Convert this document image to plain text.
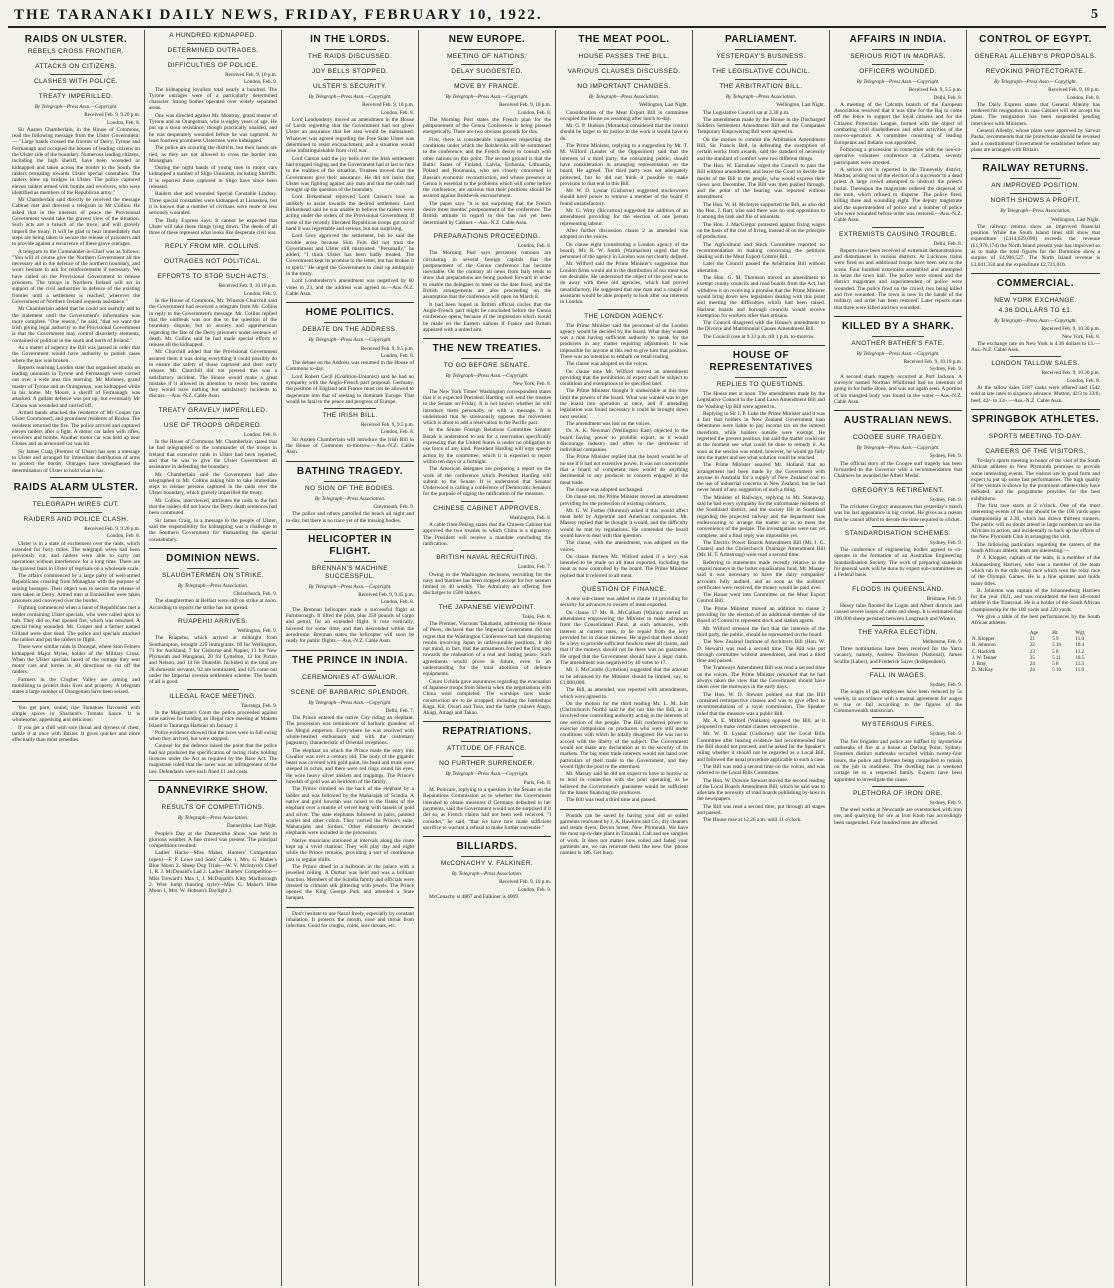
THE TARANAKI DAILY NEWS, FRIDAY, FEBRUARY 10, 1922.	5
RAIDS ON ULSTER.
REBELS CROSS FRONTIER.
ATTACKS ON CITIZENS.
CLASHES WITH POLICE.
TREATY IMPERILLED.
By Telegraph—Press Assn.—Copyright.
Received Feb. 9, 9.20 p.m.
London, Feb. 8.

Sir Austen Chamberlain, in the House of Commons, read the following message from the Ulster Government:— "Large bands crossed the frontier of Derry, Tyrone and Fermanagh and occupied the houses of leading citizens on the Ulster side of the boundary. Numerous leading citizens, including the high sheriff, have been wounded or kidnapped and taken across the border to the South, the raiders retreating towards Ulster special constables. The raiders blew up bridges in Ulster. The police captured eleven raiders armed with bombs and revolvers, who were identified as members of the Republican army."

Mr Chamberlain said directly he received the message Cabinet met and directed a telegram to Mr Collins. He asked that in the interests of peace the Provisional Government would take the gravest view of the situation. Such acts are a breach of the truce, and will gravely imperil the treaty. It will be glad to hear immediately that steps are being taken to secure the release of prisoners and to provide against a recurrence of these grave outrages.

A telegram to the Commander-in-Chief was as follows: "You will of course give the Northern Government all the necessary aid in the defence of the northern boundary, and won't hesitate to ask for reinforcements if necessary. We have called on the Provisional Government to release prisoners. The troops in Northern Ireland will act in support of the civil authorities in defence of the existing frontier until a settlement is reached, wherever the Government of Northern Ireland requests assistance."

Mr Chamberlain added that he could not usefully add to the statement until the Government's information was more complete. "One reason," he said, "that we want the Irish giving legal authority to the Provisional Government is that the Government may control disorderly elements, contained or political in the south and north of Ireland."

As a matter of urgency the Bill was passed in order that the Government would have authority to punish cases where the law was broken.

Reports reaching London state that organised attacks on leading unionists in Tyrone and Fermanagh were carried out over a wide area this morning. Mr Moloney, grand master of Tyrone and an Orangeman, was kidnapped while in his home. Mr Moore, a sheriff of Fermanagh, was attacked. A gallant defence was put up, but eventually Mr Carson was wounded and carried off.

Armed bands attacked the residence of Mr Cooper (an Ulster Commoner), and prominent residents of Roslea. The residents returned the fire. The police arrived and captured eleven raiders after a fight. A motor car laden with rifles, revolvers and bombs. Another motor car was held up near Clones and an armoured car was hit.

Sir James Craig (Premier of Ulster) has sent a message to Ulster and arranged for immediate distribution of arms to protect the border. Outrages have strengthened the determination of Ulster to hold what it has.

RAIDS ALARM ULSTER.
TELEGRAPH WIRES CUT.
RAIDERS AND POLICE CLASH.
Received Feb. 9, 9.20 p.m.
London, Feb. 8.

Ulster is in a state of excitement over the raids, which extended for forty miles. The telegraph wires had been previously cut, and raiders were able to carry out operations without interference for a long time. There are the gravest fears in Ulster of reprisals on a wholesale scale.

The affairs commenced by a large party of well-armed Republicans crossing from Monaghan with the purpose of seizing hostages. Their object was to secure the release of men taken in Derry. Armed men at Enniskillen were taken prisoners and conveyed over the border.

Fighting commenced when a band of Republicans met a tender containing Ulster specials, who were called upon to halt. They did so, but opened fire, which was returned. A special being wounded. Mr. Cooper and a farmer named Gilland were shot dead. The police and specials attacked the raiders and put the raiders to flight.

There were similar raids in Donegal, where Sinn Feiners kidnapped Major Myles, holder of the Military Cross. When the Ulster specials heard of the outrage they sent motor cars and lorries in all directions to cut off the raiders.

Farmers in the Clogher Valley are arming and mobilising to protect their lives and property. A telegram states a large number of Orangemen have been seized.

You get pure, sound, ripe Tomatoes flavoured with simple spices in Sharland's Tomato Sauce. It is wholesome, appetising and delicious.

If you get a chill with sore throat and dryness of chest, tackle it at once with Baxter. It gives quicker and more effectually than most remedies.

A HUNDRED KIDNAPPED.
DETERMINED OUTRAGES.
DIFFICULTIES OF POLICE.
Received Feb. 9, 10 p.m.
London, Feb. 9.

The kidnapping loyalists total nearly a hundred. The Tyrone outrages were of a particularly determined character. Strong bodies operated over widely separated areas.

One was directed against Mr. Montray, grand master of Tyrone and an Orangeman, who is eighty years of age. He put up a stout resistance, though practically unaided, and he was desperately wounded before he was captured. At least fourteen prominent Ulstermen were kidnapped.

The police are scouring the districts, but their hands are tied, as they are not allowed to cross the border into Monaghan.

During the night bands of young men in motor cars kidnapped a number of Sligo Unionists, including Sheriffs. It is reported those captured in Sligo have since been released.

Raiders shot and wounded Special Constable Lindsay. Three special constables were kidnapped at Lisnaskea, but it is known that a number of civilians were more or less seriously wounded.

The Daily Express says: It cannot be expected that Ulster will take these things lying down. The deeds of all three of these represent what looks like desperate civil war.

REPLY FROM MR. COLLINS.
OUTRAGES NOT POLITICAL.
EFFORTS TO STOP SUCH ACTS.
Received Feb. 9, 10.10 p.m.
London, Feb. 9.

In the House of Commons, Mr. Winston Churchill said the Government had received a telegram from Mr. Collins in reply to the Government's message. Mr. Collins replied that the outbreak was not due to the question of the boundary dispute, but to anxiety and apprehension regarding the fate of the Derry prisoners under sentence of death. Mr. Collins said he had made special efforts to release all the kidnapped.

Mr. Churchill added that the Provisional Government assured them it was doing everything it could possibly do to ensure the safety of those captured and their early release. Mr. Churchill did not pretend this was a satisfactory incident. The House would make a great mistake if it allowed its attention to recent few months they would have nothing but satisfactory incidents to discuss.—Aus.-N.Z. Cable Assn.

TREATY GRAVELY IMPERILLED.
USE OF TROOPS ORDERED.
London, Feb. 8.

In the House of Commons Mr. Chamberlain stated that he had telegraphed to the commander of the troops in Ireland that extensive raids in Ulster had been reported, and that he was to give the Ulster Government all assistance in defending the boundary.

Mr. Chamberlain said the Government had also telegraphed to Mr. Collins asking him to take immediate steps to release persons captured in the raids over the Ulster boundary, which gravely imperilled the treaty.

Mr. Collins, interviewed, attributes the raids to the fact that the raiders did not know the Derry death sentences had been commuted.

Sir James Craig, in a message to the people of Ulster, said the responsibility for kidnapping was a challenge to the Southern Government for dismantling the special constabulary.

DOMINION NEWS.
SLAUGHTERMEN ON STRIKE.
By Telegraph—Press Association.
Christchurch, Feb. 9.

The slaughtermen at Belfast were still on strike at noon. According to reports the strike has not spread.

RUAPEHU ARRIVES.
Wellington, Feb. 9.

The Ruapehu, which arrived at midnight from Southampton, brought 225 immigrants: 69 for Wellington, 71 for Auckland, 7 for Gisborne and Napier, 11 for New Plymouth and Wanganui, 20 for Lyttelton, 13 for Picton and Nelson, and 14 for Dunedin. Included in the total are 28 domestic servants, 92 are nominated, and 125 come out under the Imperial oversea settlement scheme. The health of all is good.

ILLEGAL RACE MEETING.
Tauranga, Feb. 9.

In the Magistrate's Court the police proceeded against nine natives for holding an illegal race meeting at Maketu Island to Tauranga Harbour on January 3.

Police evidence showed that the races were in full swing when they arrived, but were stopped.

Counsel for the defence raised the point that the police had not produced the specification of racing clubs holding licences under the Act as required by the Race Act. The magistrate ruled that the races was an infringement of the law. Defendants were each fined £1 and costs.

DANNEVIRKE SHOW.
RESULTS OF COMPETITIONS.
By Telegraph—Press Association.
Dannevirke, Last Night.

People's Day at the Dannevirke Show was held in glorious weather. A fine crowd was present. The principal competitions resulted:

Ladies' Hacks—Miss Maher. Hunters' Competition (open)—F. P. Lowe and Sons' Cable 1, Mrs. G. Maher's Blue Moon 2. Sheep Dog Trials—W. V. McIntyre's Chief 1, R. J. McDonald's Lad 2. Ladies' Hunters' Competition—Miss Treward's Max 1, J. McDonald's Kitty Marlborough 2. Wire Jump (hunting style)—Miss G. Maher's Blue Moon 1, Mrs. W. Hobson's Daylight 2.

IN THE LORDS.
THE RAIDS DISCUSSED.
JOY BELLS STOPPED.
ULSTER'S SECURITY.
By Telegraph—Press Assn.—Copyright.
Received Feb. 9, 10 p.m.
London, Feb. 8.

Lord Londonderry moved an amendment in the House of Lords regretting that the Government had not given Ulster an assurance that her area would be maintained. Whatever was agreed regarding the Free State Ulster was determined to resist encroachment, and a situation would arise indistinguishable from civil war.

Lord Carson said the joy bells over the Irish settlement had stopped ringing and the Government had at last to face to the realities of the situation. Trustees moved that the Government give their assurance. He did not insist that Ulster was fighting against any man and that the raids had brought up the question of the boundary.

Lord Birkenhead reproved Lord Carson's tone as unlikely to assist towards the desired settlement. Lord Birkenhead said he was unable to believe the raiders were acting under the orders of the Provisional Government. If some of the recently liberated Republican troops got out of hand it was regrettable and serious, but not surprising.

Lord Grey approved the settlement, but he said the trouble arose because Sinn Fein did not trust the Government and Ulster still mistrusted. "Personally," he added, "I think Ulster has been badly treated. The Government kept its promise to the letter, but has broken it in spirit." He urged the Government to clear up ambiguity in the treaty.

Lord Londonderry's amendment was negatived by 60 votes to 23, and the address was agreed to.—Aus.-N.Z. Cable Assn.

HOME POLITICS.
DEBATE ON THE ADDRESS.
By Telegraph—Press Assn.—Copyright.
Received Feb. 9, 9.5 p.m.
London, Feb. 8.

The debate on the Address was resumed in the House of Commons to-day.

Lord Robert Cecil (Coalition-Unionist) said he had no sympathy with the Anglo-French pact proposal. Germany, the position of England and France must not be allowed to degenerate into that of seeking to dominate Europe. That would be fatal to the peace and progress of Europe.

THE IRISH BILL.
Received Feb. 9, 9.5 p.m.
London, Feb. 8.

Sir Austen Chamberlain will introduce the Irish Bill in the House of Commons to-morrow.—Aus.-N.Z. Cable Assn.

BATHING TRAGEDY.
NO SIGN OF THE BODIES.
By Telegraph—Press Association.
Greymouth, Feb. 9.

The police and others patrolled the beach all night and to-day, but there is no trace yet of the missing bodies.

HELICOPTER IN FLIGHT.
BRENNAN'S MACHINE SUCCESSFUL.
By Telegraph—Press Assn.—Copyright.
Received Feb. 9, 9.45 p.m.
London, Feb. 8.

The Brennan helicopter made a successful flight at Farnborough. It lifted the pilot, plus 250 pounds of cargo and petrol, for an extended flight. It rose vertically, hovered for some time, and then descended within the aerodrome. Brennan states the helicopter will soon be ready for public flights.—Aus.-N.Z. Cable Assn.

THE PRINCE IN INDIA.
CEREMONIES AT GWALIOR.
SCENE OF BARBARIC SPLENDOR.
By Telegraph—Press Assn.—Copyright.
Delhi, Feb. 7.

The Prince entered the native City riding an elephant. The procession was reminiscent of barbaric grandeur of the Mogul emperors. Everywhere he was received with whole-hearted enthusiasm and with the customary pageantry, characteristic of Oriental receptions.

The elephant on which the Prince made the entry into Gwalior was over a century old. The body of the gigantic beast was covered with gold paint, his head and trunk were steeped in ochre, and there were red rings round his eyes. He wore heavy silver anklets and trappings. The Prince's howdah of gold was an heirloom of the family.

The Prince climbed on the back of the elephant by a ladder and was followed by the Maharajah of Scindia. A native and gold howdah was raised to the flanks of the elephant over a mantle of velvet hung with tassels of gold and silver. The state elephants followed in pairs, painted scarlet and other colors. They carried the Prince's suite, Maharajahs and Sirdars. Other elaborately decorated elephants were included in the procession.

Native musicians stationed at intervals along the route kept up a vivid clamour. They will play day and night while the Prince remains, providing a sort of continuous jazz in regular shifts.

The Prince dined in a ballroom in the palace with a jewelled ceiling. A Durbar was held and was a brilliant function. Members of the Scindia family and officials were dressed in crimson silk glittering with jewels. The Prince opened the King George Park and attended a State banquet.

Don't hesitate to use Nazol freely, especially by constant inhalation. It protects the mouth, nose and throat from infection. Good for coughs, colds, sore throats, etc.

NEW EUROPE.
MEETING OF NATIONS.
DELAY SUGGESTED.
MOVE BY FRANCE.
By Telegraph—Press Assn.—Copyright.
Received Feb. 9, 10 p.m.
London, Feb. 8.

The Morning Post states the French plan for the postponement of the Genoa Conference is being pressed energetically. There are two obvious grounds for this.

First, there is considerable vagueness respecting the conditions under which the Bolsheviks will be summoned to the conference, and the French desire to consult with other nations on this point. The second ground is that the Baltic States of Finland, Latvia, Esthonia, Lithuania, Poland and Roumania, who are closely concerned in Russia's economic reconstruction, and whose presence at Genoa is essential to the problems which will come before the conference, are anxious that their positions should be assured against Bolshevik encroachment.

The paper says "it is not surprising that the French desire three months' postponement of the conference. The British attitude in regard to this has not yet been determined by Cabinet.—Aus.-N.Z. Cable Assn.

PREPARATIONS PROCEEDING.
London, Feb. 8.

The Morning Post says persistent rumours are circulating in several foreign capitals that the postponement of the Genoa conference has become inevitable. On the contrary all news from Italy tends to show that preparations are being pushed forward in order to enable the delegates to meet on the date fixed, and the British arrangements are also proceeding on the assumption that the conference will open on March 8.

It had been hoped in British official circles that the Anglo-French pact might be concluded before the Genoa conference opens, because of the impression which would be made on the Eastern nations if France and Britain appeared with a united aim.

THE NEW TREATIES.
TO GO BEFORE SENATE.
By Telegraph—Press Assn.—Copyright.
New York, Feb. 8.

The New York Times' Washington correspondent states that it is expected President Harding will send the treaties to the Senate on Friday. It is not known whether he will introduce them personally or with a message. It is understood that he strenuously opposes the movement which is afoot to add a reservation to the Pacific pact.

In the Senate Foreign Relations Committee Senator Borah is understood to ask for a reservation specifically expressing that the United States is under no obligation to use force of any kind. President Harding will urge speedy action by the committee, which it is expected to report within ten days or a fortnight.

The American delegates are preparing a report on the work of the conference which President Harding will submit to the Senate. It is understood that Senator Underwood is calling a conference of Democratic Senators for the purpose of urging the ratification of the measure.

CHINESE CABINET APPROVES.
Washington, Feb. 8.

A cable from Peking states that the Chinese Cabinet has approved the two treaties to which China is a signatory. The President will receive a mandate concluding the ratification.

BRITISH NAVAL RECRUITING.
London, Feb. 7.

Owing to the Washington decisions, recruiting for the navy and marines has been stopped except for boy seamen limited to 40 weekly. The Admiralty are offering free discharges to 1500 stokers.

THE JAPANESE VIEWPOINT.
Tokio, Feb. 8.

The Premier, Viscount Takahashi, addressing the House of Peers, declared that the Imperial Government did not regret that the Washington Conference had had disquieting results involving Japan in unfavourable positions. It did not mind, in fact, that the armaments formed the first step towards the realisation of a real and lasting peace. Such agreements would prove in future, even to an understanding for the total abolition of defence equipments.

Count Uchida gave assurances regarding the evacuation of Japanese troops from Siberia when the negotiations with China were completed. The warships now under construction are to be scrapped, including the battleships Kaga, Kii, Owari and Tosa, and the battle cruisers Atago, Akagi, Amagi and Takao.

REPATRIATIONS.
ATTITUDE OF FRANCE.
NO FURTHER SURRENDER.
By Telegraph—Press Assn.—Copyright.
Paris, Feb. 8.

M. Poincare, replying to a question in the Senate on the Reparations Commission as to whether the Government intended to obtain measures if Germany defaulted in her payments, said the Government would not be surprised if it did so, as French claims had not been well received. "I consider," he said, "that we have now made sufficient sacrifice to warrant a refusal to make further surrender."

BILLIARDS.
McCONACHY V. FALKINER.
By Telegraph—Press Association.
Received Feb. 9, 10 p.m.
London, Feb. 9.

McConachy is 4867 and Falkiner is 4009.

THE MEAT POOL.
HOUSE PASSES THE BILL.
VARIOUS CLAUSES DISCUSSED.
NO IMPORTANT CHANGES.
By Telegraph—Press Association.
Wellington, Last Night.

Consideration of the Meat Export Bill in committee occupied the House on resuming after lunch to-day.

Mr. G. P. Hudson (Motueka) considered that the control should be larger to do justice to the work it would have to do.

The Prime Minister, replying to a suggestion by Mr. T. M. Wilford (Leader of the Opposition) said that the interests of a third party, the consuming public, should have consideration in arranging representation on the board. He agreed. The third party was not adequately protected, but he did not think it possible to make provision to that end in this Bill.

Mr. W. D. Lysnar (Gisborne) suggested stockowners should have power to remove a member of the board if found unsatisfactory.

Mr. G. Witty (Riccarton) suggested the addition of an amendment providing for the election of one person representing labour.

After further discussion clause 2 as amended was adopted on the voices.

On clause eight (constituting a London agency of the board), Mr. R. W. Smith (Waimarino) urged that the personnel of the agency in London was not clearly defined.

Mr. Wilford said the Prime Minister's suggestion that London firms would aid in the distribution of our meat was not desirable. He understood the object of the pool was to do away with these old agencies, which had proved unsatisfactory. He suggested that one man and a couple of assistants would be able properly to look after our interests in London.

THE LONDON AGENCY.

The Prime Minister said the personnel of the London agency would be decided by the board. What they wanted was a man having sufficient authority to speak for the producers in any matter requiring adjustment. It was impossible for anyone at this end to give him that position. There was no intention to embark on retail trading.

The clause was adopted on the voices.

On clause nine Mr. Wilford moved an amendment providing that the prohibition of export shall be subject to conditions and exemptions to be specified later.

The Prime Minister thought it undesirable at this time limit the powers of the board. What was wanted was to get the board into operation at once, and if amending legislation was found necessary it could be brought down next session.

The amendment was lost on the voices.

Dr. A. K. Newman (Wellington East) objected to the board having power to prohibit export, as it would discourage industry and often to the detriment of individual companies.

The Prime Minister replied that the board would be of no use if it had not extensive power. It was not conceivable that a board of competent men would do anything detrimental to any producer or concern engaged in the meat trade.

The clause was adopted unchanged.

On clause ten, the Prime Minister moved an amendment providing for the protection of existing contracts.

Mr. G. W. Forbes (Hurunui) asked if this would affect meat held by Argentine and American companies. Mr. Massey replied that he thought it would, and the difficulty would be met by regulations. He contended the board would have to deal with that question.

The clause, with the amendment, was adopted on the voices.

On clause thirteen Mr. Wilford asked if a levy was intended to be made on all meat exported, including the meat as now controlled by the board. The Prime Minister replied that it referred to all meat.

QUESTION OF FINANCE.

A new sub-clause was added to clause 14 providing for security for advances to owners of meat exported.

On clause 17 Mr. R. McCallum (Wairau) moved an amendment empowering the Minister to make advances from the Consolidated Fund, at such advances, with interest at current rates, to be repaid from the levy provided for in clause thirteen. He urged that there should be a levy to provide sufficient funds to meet all claims, and that if the moneys should not be there was no guarantee. He urged that the Government should have a legal claim. The amendment was negatived by 40 votes to 17.

Mr. J. McCombs (Lyttelton) suggested that the amount to be advanced by the Minister should be limited, say, to £1,000,000.

The Bill, as amended, was reported with amendments, which were agreed to.

On the motion for the third reading Mr. L. M. Isitt (Christchurch North) said he did not like the Bill, as it involved one controlling authority acting in the interests of one section of the people. The Bill conferred power to exercise compulsion on producers who were still under conditions with which he totally disagreed. He was not in accord with the liberty of the subject. The Government would not make any declaration as to the security of its markets. The big meat trade interests would not hand over particulars of their trade to the Government, and they would fight the pool to the uttermost.

Mr. Massey said he did not expect to have to borrow or to lend in connection with the pool operating, as he believed the Government's guarantee would be sufficient for the banks financing the producers.

The Bill was read a third time and passed.

Pounds can be saved by having your old or soiled garments renovated by J. A. Hawkins and Co., dry cleaners and steam dyers, Devon Street, New Plymouth. We have the most up-to-date plant in Taranaki. Call and see samples of work. It does not matter how soiled and faded your garments are, we can renovate them like new. Our 'phone number is 186. Get busy.

PARLIAMENT.
YESTERDAY'S BUSINESS.
THE LEGISLATIVE COUNCIL.
THE ARBITRATION BILL.
By Telegraph—Press Association.
Wellington, Last Night.

The Legislative Council sat at 2.30 p.m.

The amendments made by the House in the Discharged Soldiers Settlement Amendment Bill and the Companies Temporary Empowering Bill were agreed to.

On the motion to commit the Arbitration Amendment Bill, Sir Francis Bell, in defending the exemption of certain works from awards, said the standard of necessity and the standard of comfort were two different things.

The Hon. W. Earnshaw urged the Council to pass the Bill without amendment, and leave the Court to decide the merits of the Bill to the people, who would express their views next December. The Bill was then pushed through, and the point of the hearing was reported without amendment.

The Hon. W. H. McIntyre supported the Bill, as also did the Hon. J. Barr, who said there was no real opposition to it among the rank and file of unionists.

The Hon. J. MacGregor protested against fixing wages on the basis of the cost of living, instead of on the principle of production.

The Agricultural and Stock Committee reported no recommendation in making concerning the petitions dealing with the Meat Export Control Bill.

Later the Council passed the Arbitration Bill without alteration.

The Hon. G. M. Thomson moved an amendment to exempt county councils and road boards from the Act, but withdrew it on receiving a promise that the Prime Minister would bring down new legislation dealing with this point and meeting the difficulties which had been raised. Harbour boards and borough councils would receive exemption for workers other than artisans.

The Council disagreed with the House's amendment to the Divorce and Matrimonial Causes Amendment Bill.

The Council rose at 9.33 p.m. till 1 p.m. to-morrow.

HOUSE OF REPRESENTATIVES
REPLIES TO QUESTIONS.

The House met at noon. The amendments made by the Legislative Council in the Land Laws Amendment Bill and the Washing-Up Bill were agreed to.

Replying to Sir J. P. Luke the Prime Minister said it was a fact that holders in New Zealand Government loan debentures were liable to pay income tax on the interest therefrom, while holders outside were exempt. He regretted the present position, but said the matter could not at the moment see what could be done to remedy it. As soon as the session was ended, however, he would go fully into the matter and see what solution could be reached.

The Prime Minister assured Mr. Holland that no arrangement had been made by the Government with anyone in Australia for a supply of New Zealand coal to the use of industrial concerns in New Zealand, but he had never heard of any suggestion of such a thing.

The Minister of Railways, replying to Mr. Stanaway, said he had every sympathy for the unfortunate residents of the Southland district, and the society felt in Southland regarding the projected railway and the department was endeavouring to arrange the matter so as to meet the convenience of the people. The investigations were not yet complete, and a final reply was impossible yet.

The Electric Power Boards Amendment Bill (Mr. J. G. Coates) and the Christchurch Drainage Amendment Bill (Mr. H. T. Armstrong) were read a second time.

Referring to statements made recently relative to the unpaid moneys in the butter equalisation fund, Mr. Massey said it was necessary to have the dairy companies' accounts fully audited, and as soon as the auditors' certificates were received, the money would be paid over.

The House went into Committee on the Meat Export Control Bill.

The Prime Minister moved an addition to clause 2 providing for the election of an additional member of the Board of Control to represent stock and station agents.

Mr. Wilford stressed the fact that the interests of the third party, the public, should be represented on the board.

The New Zealand Institute of Architects Bill (Hon. W. D. Stewart) was read a second time. The Bill was put through committee without amendment, and read a third time and passed.

The Tramways Amendment Bill was read a second time on the voices. The Prime Minister remarked that he had always taken the view that the Government should have taken over the tramways in the early days.

The Hon. W. D. Stewart pointed out that the Bill contained retrospective clauses and was to give effect to recommendations of a royal commission. The Speaker ruled that the measure was a public Bill.

Mr. A. E. Mitford (Waikato) opposed the Bill, as it proposed to make certain clauses retrospective.

Mr. W. D. Lysnar (Gisborne) said the Local Bills Committee after hearing evidence had recommended that the Bill should not proceed, and he asked for the Speaker's ruling whether it should not be regarded as a Local Bill, and followed the usual procedure applicable to such a case.

The Bill was read a second time on the voices, and was referred to the Local Bills Committee.

The Hon. W. Downie Stewart moved the second reading of the Local Boards Amendment Bill, which he said was to alleviate the necessity of road boards publishing by-laws in the newspapers.

The Bill was read a second time, put through all stages and passed.

The House rose at 12.26 a.m. until 11 o'clock.

AFFAIRS IN INDIA.
SERIOUS RIOT IN MADRAS.
OFFICERS WOUNDED.
By Telegraph—Press Assn.—Copyright.
Received Feb. 9, 5.5 p.m.
Delhi, Feb. 8.

A meeting of the Calcutta branch of the European Association resolved that it was time for the Raj to come off the fence to support the loyal citizens and for the Citizens' Protection League, formed with the object of combating civil disobedience and other activities of the non-co-operators. A committee consisting of leading Europeans and Indians was appointed.

Following a procession in connection with the non-co-operative volunteer conference at Calcutta, seventy participants were arrested.

A serious riot is reported in the Tinnevelly district, Madras, arising out of the election of a successor to a dead priest. A large crowd attempted to obstruct the priest's burial. Thereupon the magistrate ordered the dispersal of the mob, which refused to disperse. The police fired, killing three and wounding eight. The deputy magistrate and the superintendent of police and a number of police who were wounded before order was restored.—Aus.-N.Z. Cable Assn.

EXTREMISTS CAUSING TROUBLE.
Delhi, Feb. 8.

Reports have been received of extremist demonstrations and disturbances in various districts. At Lucknow trains were fired on and additional troops have been sent to the scene. Four hundred extremists assembled and attempted to seize the town hall. The police were stoned and the district magistrate and superintendent of police were wounded. The police fired on the crowd, two being killed and five wounded. The town is now in the hands of the military, and order has been restored. Later reports state that three were killed and two wounded.

KILLED BY A SHARK.
ANOTHER BATHER'S FATE.
By Telegraph—Press Assn.—Copyright.
Received Feb. 9, 10.10 p.m.
Sydney, Feb. 9.

A second shark tragedy occurred at Port Jackson. A surveyor named Norman Whitbread had no intention of going in for bathe alone, and was not again seen. A portion of his mangled body was found in the water.—Aus.-N.Z. Cable Assn.

AUSTRALIAN NEWS.
COOGEE SURF TRAGEDY.
By Telegraph—Press Assn.—Copyright.
Sydney, Feb. 9.

The official story of the Coogee surf tragedy has been forwarded to the Governor with a recommendation that Chalmers be awarded the Albert Medal.

GREGORY'S RETIREMENT.
Sydney, Feb. 9.

The cricketer Gregory announces that yesterday's match was his last appearance in big cricket. He gives as a reason that he cannot afford to devote the time required to cricket.

STANDARDISATION SCHEMES.
Sydney, Feb. 9.

The conference of engineering bodies agreed to co-operate in the formation of an Australian Engineering Standardisation Society. The work of preparing standards for general work will be done by expert sub-committees on a Federal basis.

FLOODS IN QUEENSLAND.
Brisbane, Feb. 9.

Heavy rains flooded the Logan and Albert districts and caused severe losses of cattle and sheep. It is estimated that 100,000 sheep perished between Longreach and Winton.

THE YARRA ELECTION.
Melbourne, Feb. 9.

Three nominations have been received for the Yarra vacancy, namely, Andrew Davidson (National), James Scullin (Labor), and Frederick Sayer (Independent).

FALL IN WAGES.
Sydney, Feb. 9.

The wages of gas employees have been reduced by 5s weekly, in accordance with a mutual agreement for wages to rise or fall according to the figures of the Commonwealth statistician.

MYSTERIOUS FIRES.
Sydney, Feb. 9.

The fire brigades and police are baffled by mysterious outbreaks of fire at a house at Darling Point, Sydney. Fourteen distinct outbreaks occurred within twenty-four hours, the police and firemen being compelled to remain on the job in readiness. The dwelling has a weekend cottage let to a respected family. Experts have been appointed to investigate the cause.

PLETHORA OF IRON ORE.
Sydney, Feb. 9.

The steel works at Newcastle are overstocked with iron ore, and quarrying for ore at Iron Knob has accordingly been suspended. Four hundred men are affected.

CONTROL OF EGYPT.
GENERAL ALLENBY'S PROPOSALS.
REVOKING PROTECTORATE.
By Telegraph—Press Assn.—Copyright.
Received Feb. 9, 10 p.m.
London, Feb. 8.

The Daily Express states that General Allenby has tendered his resignation in case Cabinet will not accept his plans. The resignation has been suspended pending interviews with Ministers.

General Allenby, whose plans were approved by Sarwat Pasha, recommends that the protectorate should be revoked and a constitutional Government be established before any plans are arranged with Britain.

RAILWAY RETURNS.
AN IMPROVED POSITION.
NORTH SHOWS A PROFIT.
By Telegraph—Press Association.
Wellington, Last Night.

The railway returns show an improved financial position. While the South Island lines still show that expenditure (£414,629,090) exceeds the revenue (£1,970,174) the North Island present year has improved so as to make the total figures for the Dominion show a surplus of £4,996,527. The North Island revenue is £3,041,350 and the expenditure £2,721,016.

COMMERCIAL.
NEW YORK EXCHANGE.
4.36 DOLLARS TO £1.
By Telegraph—Press Assn.—Copyright.
Received Feb. 9, 10.30 p.m.
New York, Feb. 8.

The exchange rate on New York is 4.36 dollars to £1.—Aus.-N.Z. Cable Assn.

LONDON TALLOW SALES.
Received Feb. 9, 10.30 p.m.
London, Feb. 8.

At the tallow sales 5187 casks were offered and 1542 sold at late rates to sixpence advance. Mutton, 42/3 to 33/6; beef, 42/- to 33/-.—Aus.-N.Z. Cable Assn.

SPRINGBOK ATHLETES.
SPORTS MEETING TO-DAY.
CAREERS OF THE VISITORS.

To-day's sports meeting in honor of the visit of the South African athletes to New Plymouth promises to provide some interesting events. The visitors are in good form and expect to put up some fast performances. The high quality of the visitors is shown by the prominent athletes they have defeated, and the programme provides for the best exhibitions.

The first race starts at 2 o'clock. One of the most interesting events of the day should be the 100 yards open championship at 2.30, which has drawn thirteen runners. The public will no doubt attend in large numbers to see the Africans in action, and incidentally to back up the efforts of the New Plymouth Club in arranging the visit.

The following particulars regarding the careers of the South African athletic team are interesting:—

P. J. Klopper, captain of the team, is a member of the Johannesburg Harriers, who was a member of the team which ran in the mile relay race which won the relay race of the Olympic Games. He is a fine sprinter and holds many titles.

B. Johnston was captain of the Johannesburg Harriers for the year 1921, and was considered the best all-round athlete in the Transvaal. He is a holder of the South African championship for the 100 yards and 220 yards.

We give a table of the best performances by the South African athletes.

	Age	Ht.	Wgt.
N. Klopper	21	5 9	11.0
B. Johnston	22	5 10	10.4
C. Hasforth	23	5 8	11.2
J. W. Tenner	25	5 11	10.5
J. Bray	24	5 8	11.3
D. McKay	24	5 10	11.0
